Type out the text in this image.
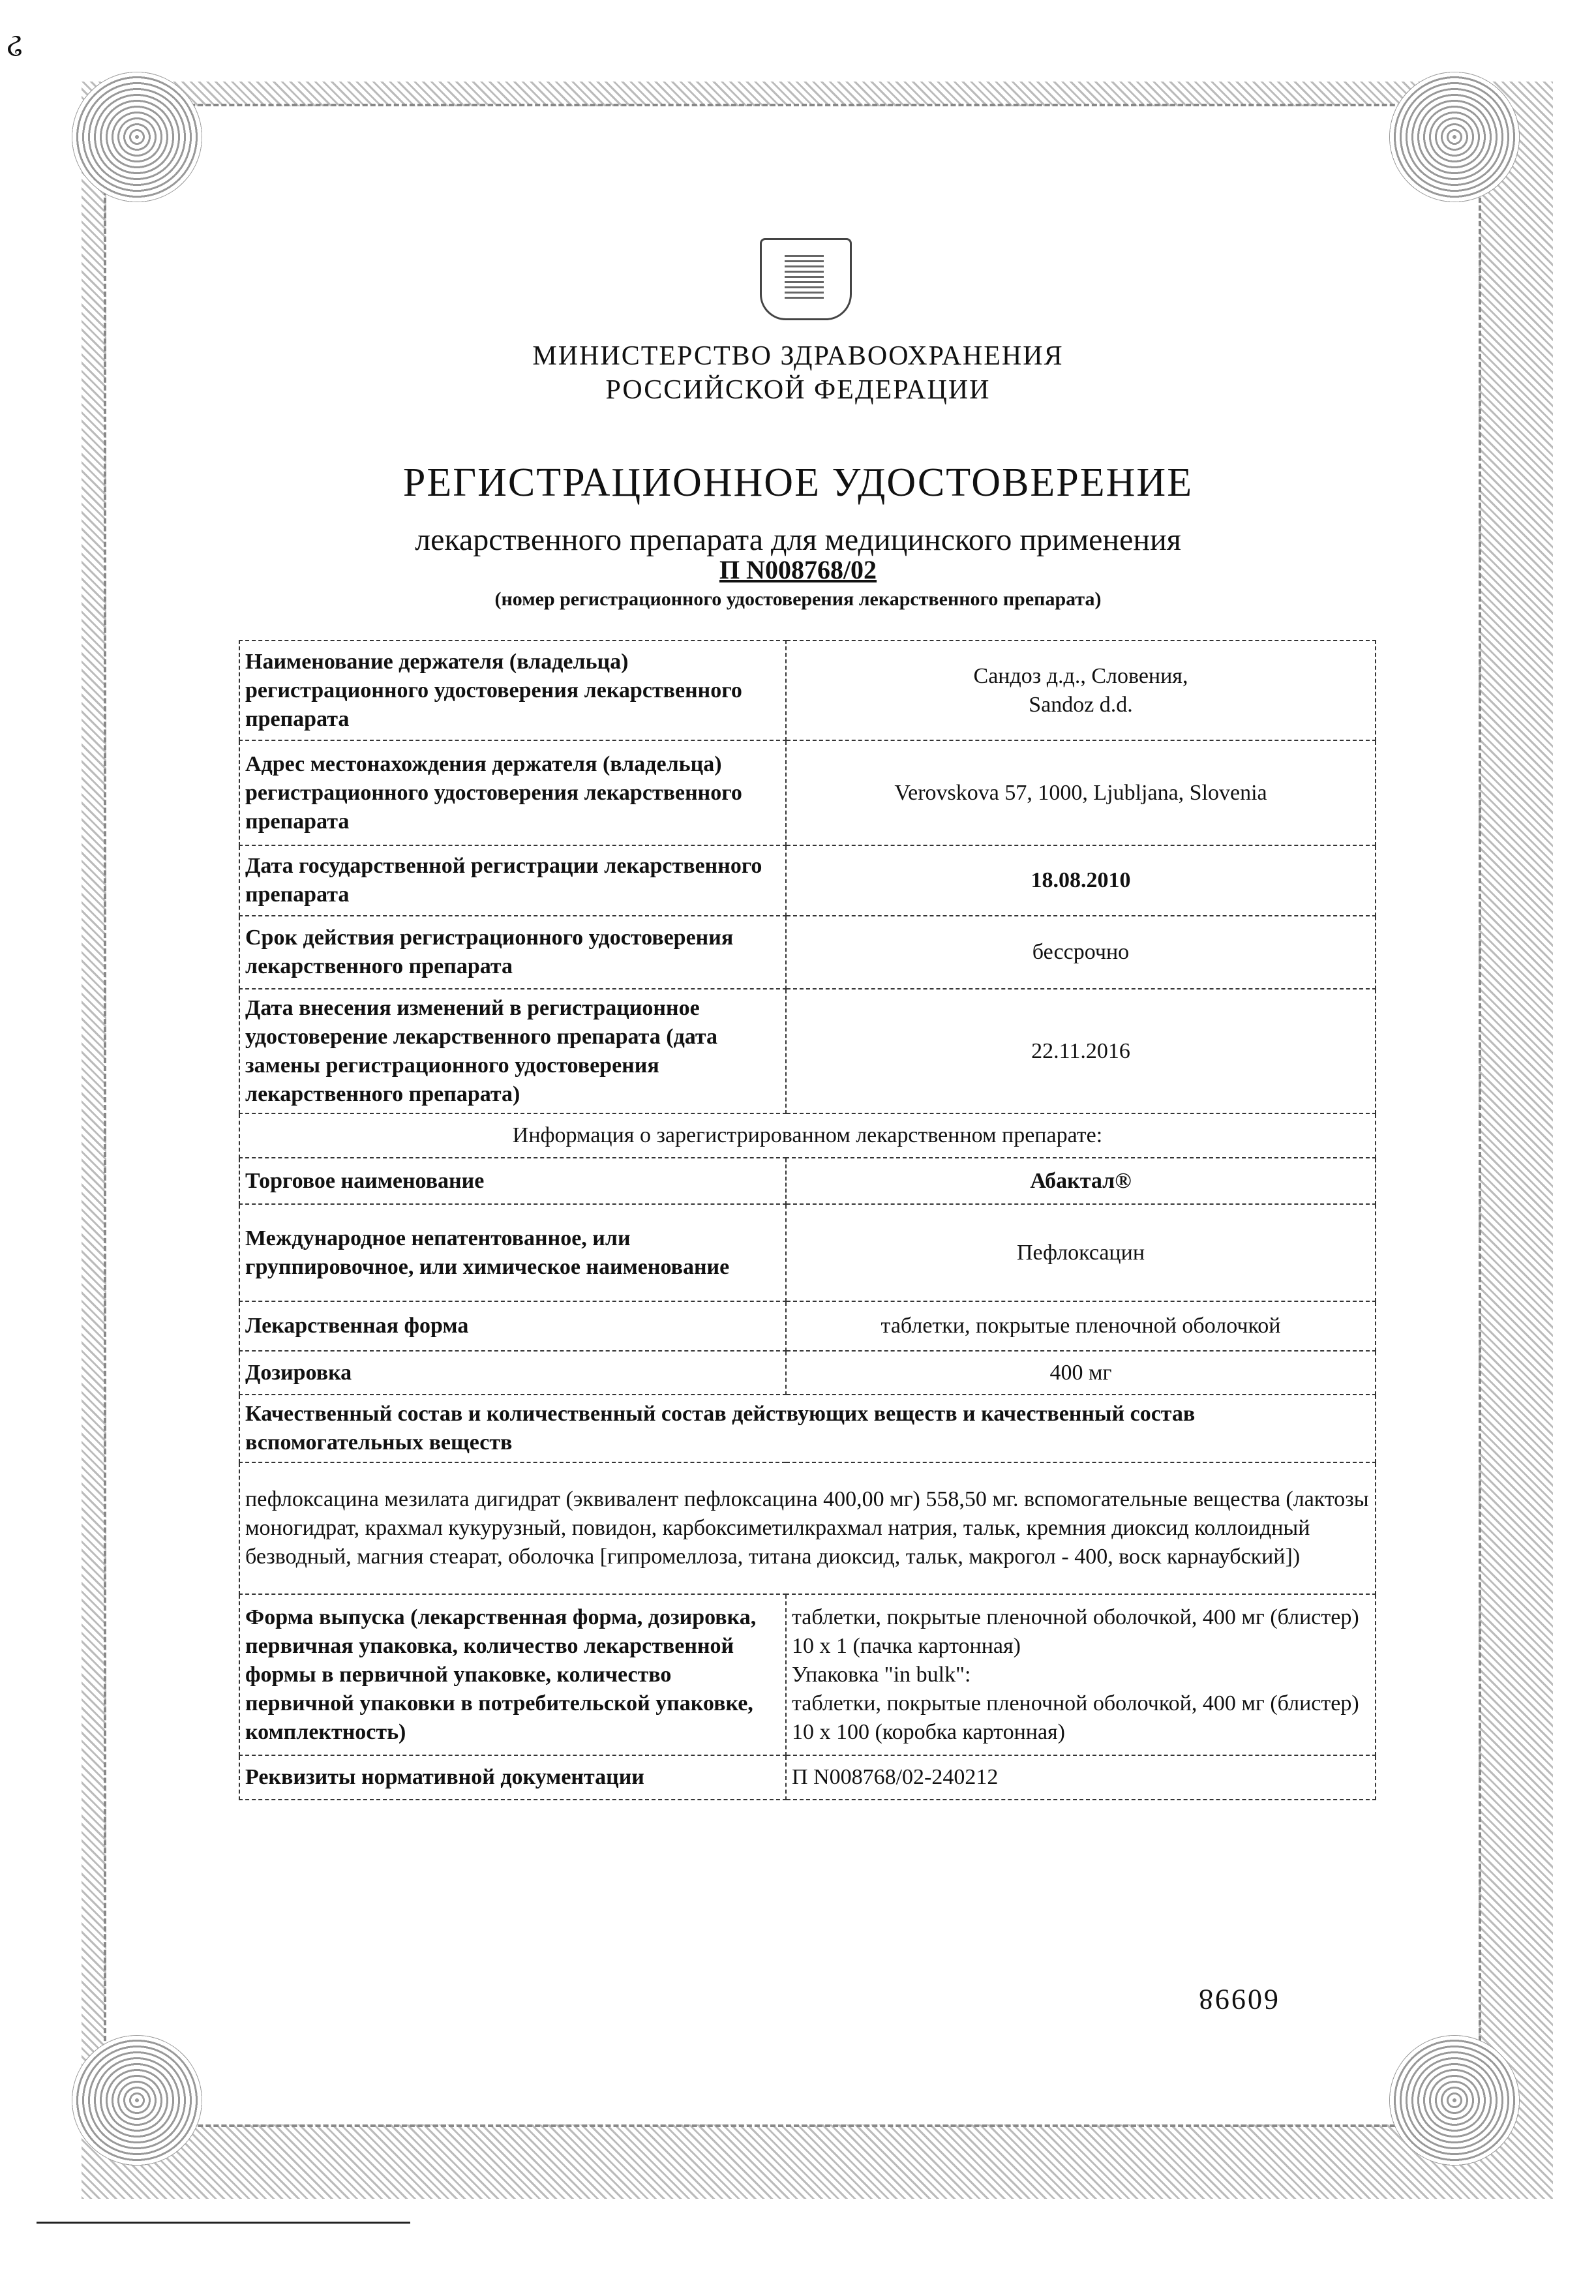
ઢ
МИНИСТЕРСТВО ЗДРАВООХРАНЕНИЯ
РОССИЙСКОЙ ФЕДЕРАЦИИ
РЕГИСТРАЦИОННОЕ УДОСТОВЕРЕНИЕ
лекарственного препарата для медицинского применения
П N008768/02
(номер регистрационного удостоверения лекарственного препарата)
Наименование держателя (владельца) регистрационного удостоверения лекарственного препарата	Сандоз д.д., Словения,
Sandoz d.d.

Адрес местонахождения держателя (владельца) регистрационного удостоверения лекарственного препарата	Verovskova 57, 1000, Ljubljana, Slovenia
Дата государственной регистрации лекарственного препарата	18.08.2010
Срок действия регистрационного удостоверения лекарственного препарата	бессрочно
Дата внесения изменений в регистрационное удостоверение лекарственного препарата (дата замены регистрационного удостоверения лекарственного препарата)	22.11.2016
Информация о зарегистрированном лекарственном препарате:	
Торговое наименование	Абактал®
Международное непатентованное, или группировочное, или химическое наименование	Пефлоксацин
Лекарственная форма	таблетки, покрытые пленочной оболочкой
Дозировка	400 мг
Качественный состав и количественный состав действующих веществ и качественный состав вспомогательных веществ	
пефлоксацина мезилата дигидрат (эквивалент пефлоксацина 400,00 мг) 558,50 мг. вспомогательные вещества (лактозы моногидрат, крахмал кукурузный, повидон, карбоксиметилкрахмал натрия, тальк, кремния диоксид коллоидный безводный, магния стеарат, оболочка [гипромеллоза, титана диоксид, тальк, макрогол - 400, воск карнаубский])	
Форма выпуска (лекарственная форма, дозировка, первичная упаковка, количество лекарственной формы в первичной упаковке, количество первичной упаковки в потребительской упаковке, комплектность)	таблетки, покрытые пленочной оболочкой, 400 мг (блистер) 10 x 1 (пачка картонная)
Упаковка "in bulk":
таблетки, покрытые пленочной оболочкой, 400 мг (блистер) 10 x 100 (коробка картонная)

Реквизиты нормативной документации	П N008768/02-240212
60998
